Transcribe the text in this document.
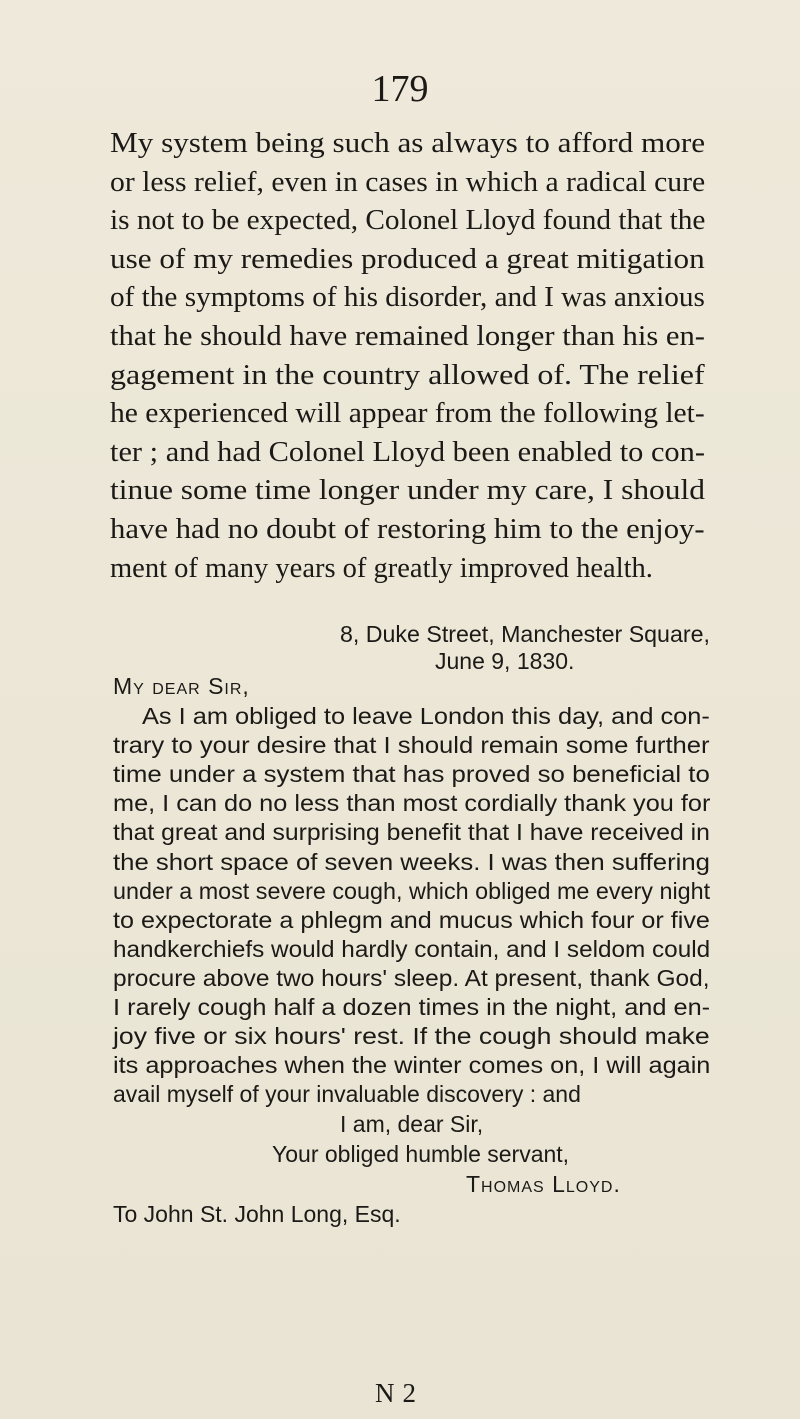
179
My system being such as always to afford more
or less relief, even in cases in which a radical cure
is not to be expected, Colonel Lloyd found that the
use of my remedies produced a great mitigation
of the symptoms of his disorder, and I was anxious
that he should have remained longer than his en-
gagement in the country allowed of. The relief
he experienced will appear from the following let-
ter ; and had Colonel Lloyd been enabled to con-
tinue some time longer under my care, I should
have had no doubt of restoring him to the enjoy-
ment of many years of greatly improved health.
8, Duke Street, Manchester Square,
June 9, 1830.
My dear Sir,
As I am obliged to leave London this day, and con-
trary to your desire that I should remain some further
time under a system that has proved so beneficial to
me, I can do no less than most cordially thank you for
that great and surprising benefit that I have received in
the short space of seven weeks. I was then suffering
under a most severe cough, which obliged me every night
to expectorate a phlegm and mucus which four or five
handkerchiefs would hardly contain, and I seldom could
procure above two hours' sleep. At present, thank God,
I rarely cough half a dozen times in the night, and en-
joy five or six hours' rest. If the cough should make
its approaches when the winter comes on, I will again
avail myself of your invaluable discovery : and
I am, dear Sir,
Your obliged humble servant,
Thomas Lloyd.
To John St. John Long, Esq.
N 2
